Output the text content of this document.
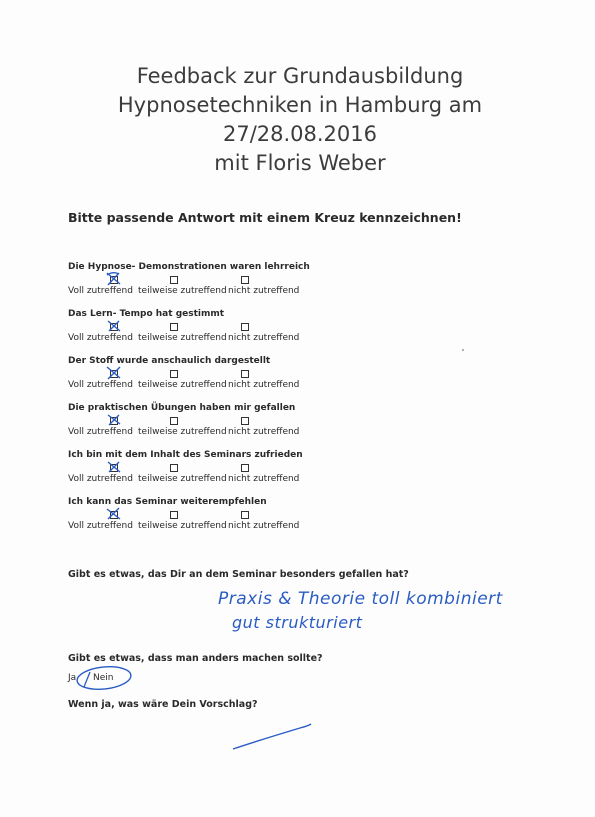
Feedback zur Grundausbildung
Hypnosetechniken in Hamburg am
27/28.08.2016
mit Floris Weber
Bitte passende Antwort mit einem Kreuz kennzeichnen!
Die Hypnose- Demonstrationen waren lehrreich
Voll zutreffend teilweise zutreffend nicht zutreffend
Das Lern- Tempo hat gestimmt
Voll zutreffend teilweise zutreffend nicht zutreffend
Der Stoff wurde anschaulich dargestellt
Voll zutreffend teilweise zutreffend nicht zutreffend
Die praktischen Übungen haben mir gefallen
Voll zutreffend teilweise zutreffend nicht zutreffend
Ich bin mit dem Inhalt des Seminars zufrieden
Voll zutreffend teilweise zutreffend nicht zutreffend
Ich kann das Seminar weiterempfehlen
Voll zutreffend teilweise zutreffend nicht zutreffend
Gibt es etwas, das Dir an dem Seminar besonders gefallen hat?
Praxis & Theorie toll kombiniert
gut strukturiert
Gibt es etwas, dass man anders machen sollte?
Ja Nein
Wenn ja, was wäre Dein Vorschlag?
